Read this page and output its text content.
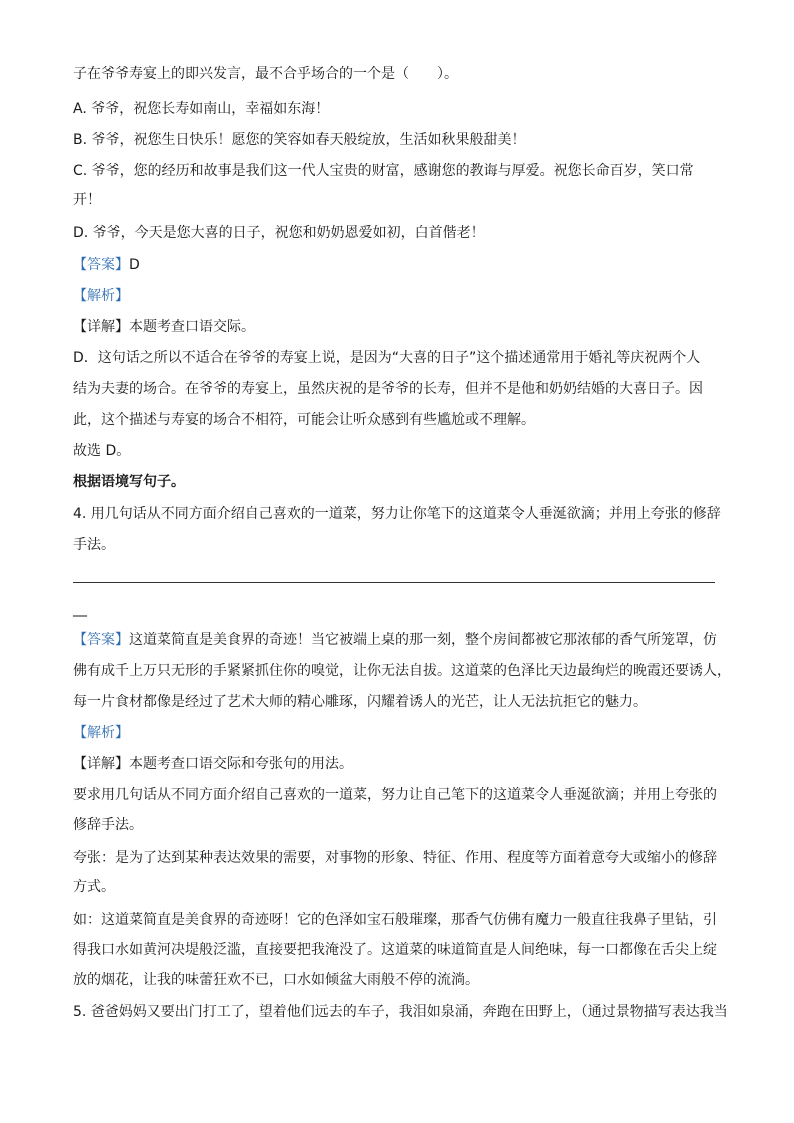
子在爷爷寿宴上的即兴发言，最不合乎场合的一个是（　　）。
A. 爷爷，祝您长寿如南山，幸福如东海！
B. 爷爷，祝您生日快乐！愿您的笑容如春天般绽放，生活如秋果般甜美！
C. 爷爷，您的经历和故事是我们这一代人宝贵的财富，感谢您的教诲与厚爱。祝您长命百岁，笑口常
开！
D. 爷爷，今天是您大喜的日子，祝您和奶奶恩爱如初，白首偕老！
【答案】D
【解析】
【详解】本题考查口语交际。
D．这句话之所以不适合在爷爷的寿宴上说，是因为“大喜的日子”这个描述通常用于婚礼等庆祝两个人
结为夫妻的场合。在爷爷的寿宴上，虽然庆祝的是爷爷的长寿，但并不是他和奶奶结婚的大喜日子。因
此，这个描述与寿宴的场合不相符，可能会让听众感到有些尴尬或不理解。
故选 D。
根据语境写句子。
4. 用几句话从不同方面介绍自己喜欢的一道菜，努力让你笔下的这道菜令人垂涎欲滴；并用上夸张的修辞
手法。
__
【答案】这道菜简直是美食界的奇迹！当它被端上桌的那一刻，整个房间都被它那浓郁的香气所笼罩，仿
佛有成千上万只无形的手紧紧抓住你的嗅觉，让你无法自拔。这道菜的色泽比天边最绚烂的晚霞还要诱人，
每一片食材都像是经过了艺术大师的精心雕琢，闪耀着诱人的光芒，让人无法抗拒它的魅力。
【解析】
【详解】本题考查口语交际和夸张句的用法。
要求用几句话从不同方面介绍自己喜欢的一道菜，努力让自己笔下的这道菜令人垂涎欲滴；并用上夸张的
修辞手法。
夸张：是为了达到某种表达效果的需要，对事物的形象、特征、作用、程度等方面着意夸大或缩小的修辞
方式。
如：这道菜简直是美食界的奇迹呀！它的色泽如宝石般璀璨，那香气仿佛有魔力一般直往我鼻子里钻，引
得我口水如黄河决堤般泛滥，直接要把我淹没了。这道菜的味道简直是人间绝味，每一口都像在舌尖上绽
放的烟花，让我的味蕾狂欢不已，口水如倾盆大雨般不停的流淌。
5. 爸爸妈妈又要出门打工了，望着他们远去的车子，我泪如泉涌，奔跑在田野上，（通过景物描写表达我当
